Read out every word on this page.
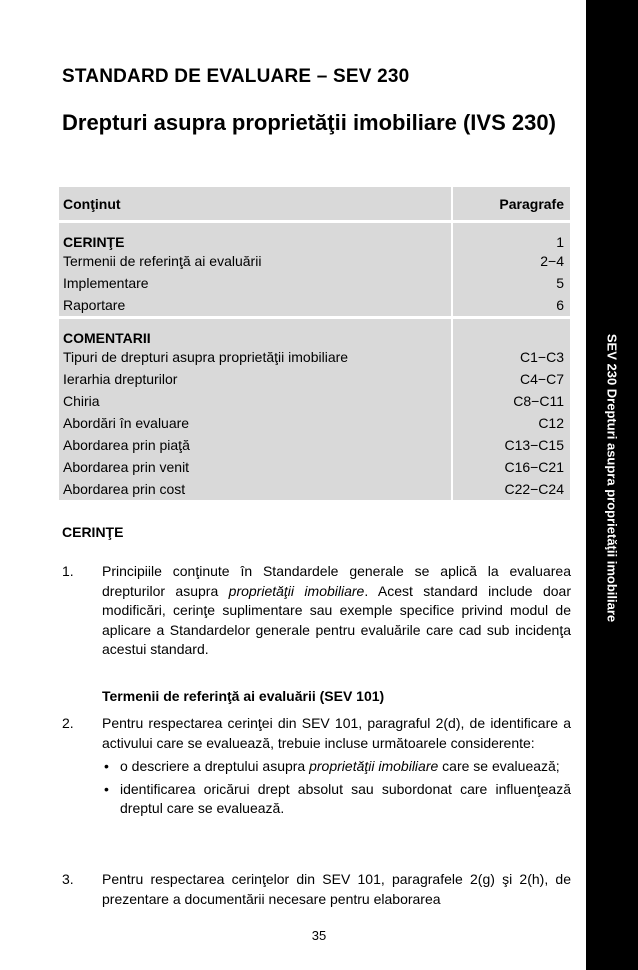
SEV 230 Drepturi asupra proprietăţii imobiliare
STANDARD DE EVALUARE – SEV 230
Drepturi asupra proprietăţii imobiliare (IVS 230)
Conţinut	Paragrafe
CERINŢE	1
Termenii de referinţă ai evaluării	2−4
Implementare	5
Raportare	6
COMENTARII
Tipuri de drepturi asupra proprietăţii imobiliare	C1−C3
Ierarhia drepturilor	C4−C7
Chiria	C8−C11
Abordări în evaluare	C12
Abordarea prin piaţă	C13−C15
Abordarea prin venit	C16−C21
Abordarea prin cost	C22−C24
CERINŢE
1. Principiile conţinute în Standardele generale se aplică la evaluarea drepturilor asupra proprietăţii imobiliare. Acest standard include doar modificări, cerinţe suplimentare sau exemple specifice privind modul de aplicare a Standardelor generale pentru evaluările care cad sub incidenţa acestui standard.
Termenii de referinţă ai evaluării (SEV 101)
2. Pentru respectarea cerinţei din SEV 101, paragraful 2(d), de identificare a activului care se evaluează, trebuie incluse următoarele considerente:
• o descriere a dreptului asupra proprietăţii imobiliare care se evaluează;
• identificarea oricărui drept absolut sau subordonat care influenţează dreptul care se evaluează.
3. Pentru respectarea cerinţelor din SEV 101, paragrafele 2(g) şi 2(h), de prezentare a documentării necesare pentru elaborarea
35
